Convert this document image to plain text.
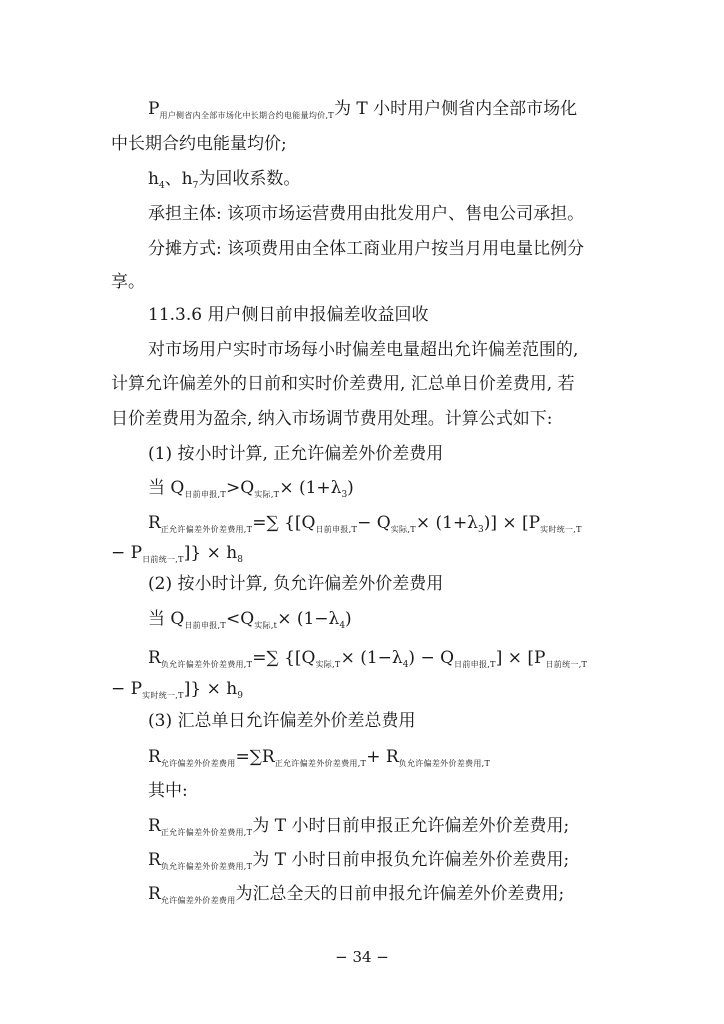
$P_{用户侧省内全部市场化中长期合约电能量均价,T}$为 T 小时用户侧省内全部市场化
中长期合约电能量均价;
$h_4$、$h_7$为回收系数。
承担主体: 该项市场运营费用由批发用户、售电公司承担。
分摊方式: 该项费用由全体工商业用户按当月用电量比例分
享。
11.3.6 用户侧日前申报偏差收益回收
对市场用户实时市场每小时偏差电量超出允许偏差范围的,
计算允许偏差外的日前和实时价差费用, 汇总单日价差费用, 若
日价差费用为盈余, 纳入市场调节费用处理。计算公式如下:
(1) 按小时计算, 正允许偏差外价差费用
当 $Q_{日前申报,T}>Q_{实际,T}\times (1+\lambda_3)$
$R_{正允许偏差外价差费用,T}=\sum$ {$[Q_{日前申报,T}- Q_{实际,T}\times (1+\lambda_3)] \times [P_{实时统一,T}$
− $P_{日前统一,T}]\} \times h_8$
(2) 按小时计算, 负允许偏差外价差费用
当 $Q_{日前申报,T}<Q_{实际,t}\times (1-\lambda_4)$
$R_{负允许偏差外价差费用,T}=\sum$ {$[Q_{实际,T}\times (1-\lambda_4) - Q_{日前申报,T}] \times [P_{日前统一,T}$
− $P_{实时统一,T}]\} \times h_9$
(3) 汇总单日允许偏差外价差总费用
$R_{允许偏差外价差费用}=\sum R_{正允许偏差外价差费用,T}+ R_{负允许偏差外价差费用,T}$
其中:
$R_{正允许偏差外价差费用,T}$为 T 小时日前申报正允许偏差外价差费用;
$R_{负允许偏差外价差费用,T}$为 T 小时日前申报负允许偏差外价差费用;
$R_{允许偏差外价差费用}$为汇总全天的日前申报允许偏差外价差费用;
− 34 −
